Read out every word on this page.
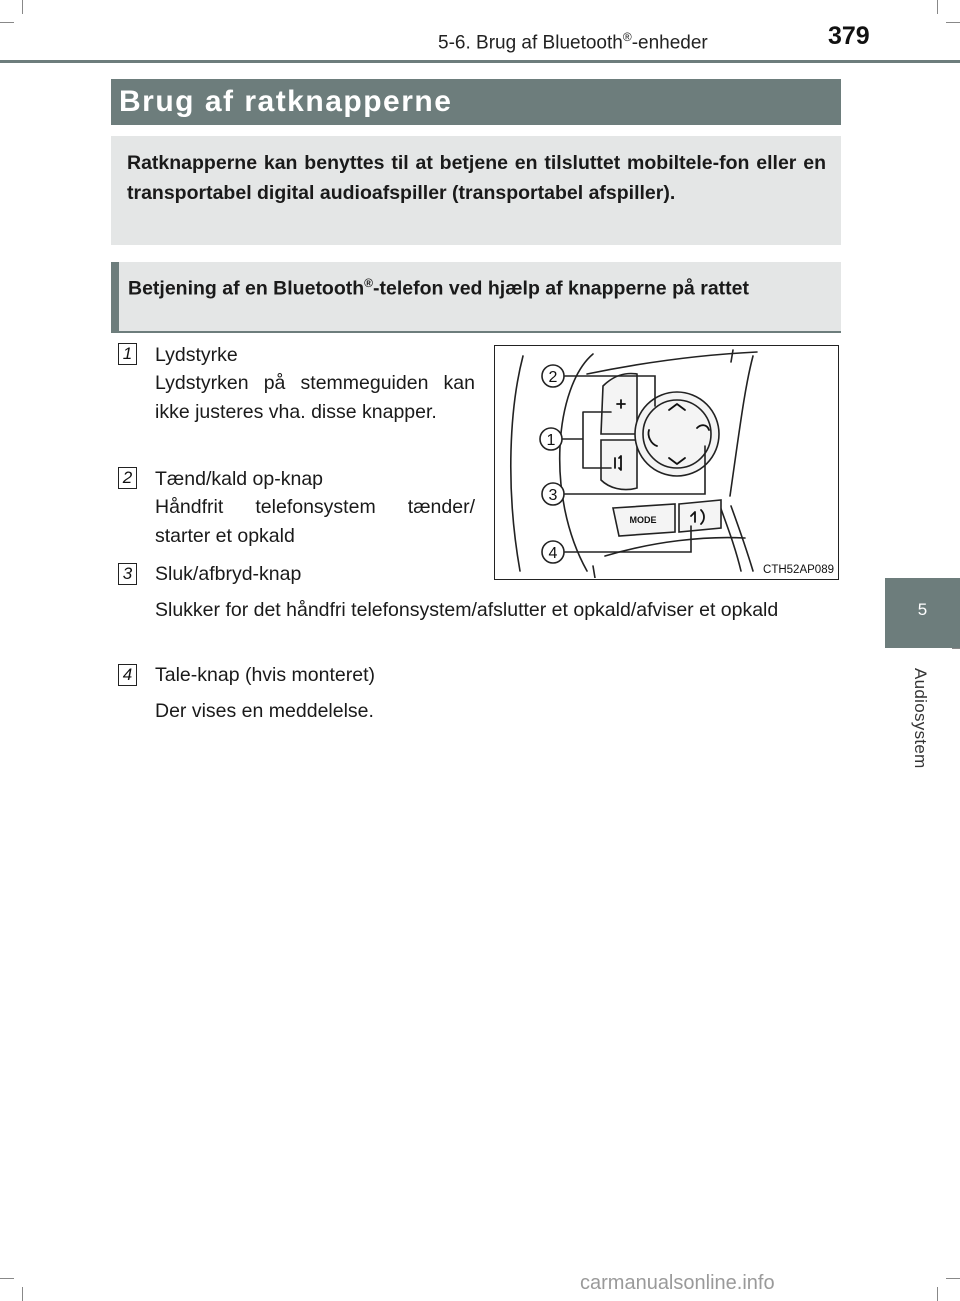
5-6. Brug af Bluetooth®-enheder	379
5
Audiosystem
Brug af ratknapperne
Ratknapperne kan benyttes til at betjene en tilsluttet mobiltele-fon eller en transportabel digital audioafspiller (transportabel afspiller).
Betjening af en Bluetooth®-telefon ved hjælp af knapperne på rattet
1 Lydstyrke
Lydstyrken på stemmeguiden kan ikke justeres vha. disse knapper.
2 Tænd/kald op-knap
Håndfrit telefonsystem tænder/ starter et opkald
3 Sluk/afbryd-knap
Slukker for det håndfri telefonsystem/afslutter et opkald/afviser et opkald
4 Tale-knap (hvis monteret)
Der vises en meddelelse.
2
1
3
4
MODE
CTH52AP089
carmanualsonline.info
